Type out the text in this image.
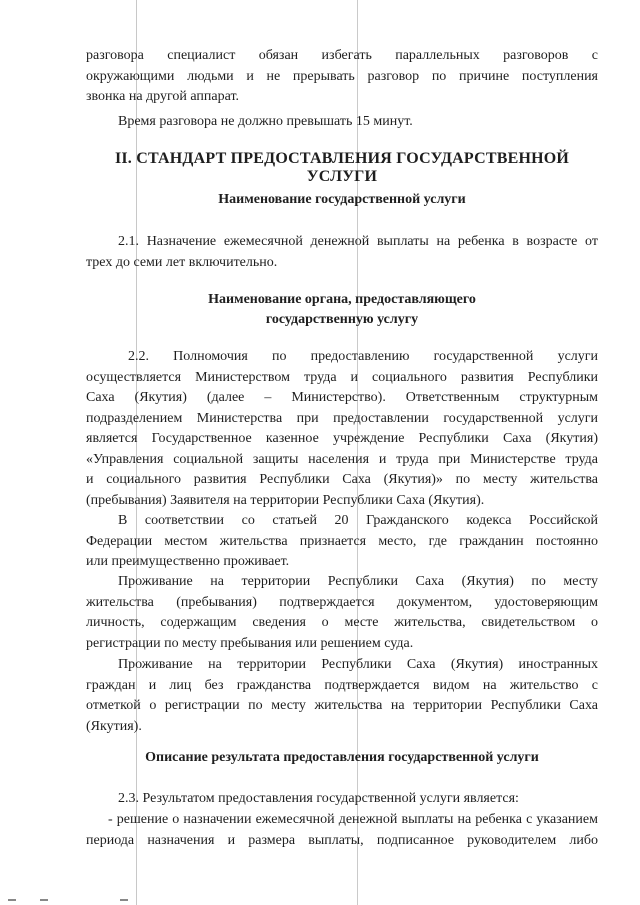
разговора специалист обязан избегать параллельных разговоров с
окружающими людьми и не прерывать разговор по причине поступления
звонка на другой аппарат.
Время разговора не должно превышать 15 минут.
II. СТАНДАРТ ПРЕДОСТАВЛЕНИЯ ГОСУДАРСТВЕННОЙ УСЛУГИ
Наименование государственной услуги
2.1. Назначение ежемесячной денежной выплаты на ребенка в возрасте от
трех до семи лет включительно.
Наименование органа, предоставляющего
государственную услугу
2.2. Полномочия по предоставлению государственной услуги
осуществляется Министерством труда и социального развития Республики
Саха (Якутия) (далее – Министерство). Ответственным структурным
подразделением Министерства при предоставлении государственной услуги
является Государственное казенное учреждение Республики Саха (Якутия)
«Управления социальной защиты населения и труда при Министерстве труда
и социального развития Республики Саха (Якутия)» по месту жительства
(пребывания) Заявителя на территории Республики Саха (Якутия).
В соответствии со статьей 20 Гражданского кодекса Российской
Федерации местом жительства признается место, где гражданин постоянно
или преимущественно проживает.
Проживание на территории Республики Саха (Якутия) по месту
жительства (пребывания) подтверждается документом, удостоверяющим
личность, содержащим сведения о месте жительства, свидетельством о
регистрации по месту пребывания или решением суда.
Проживание на территории Республики Саха (Якутия) иностранных
граждан и лиц без гражданства подтверждается видом на жительство с
отметкой о регистрации по месту жительства на территории Республики Саха
(Якутия).
Описание результата предоставления государственной услуги
2.3. Результатом предоставления государственной услуги является:
- решение о назначении ежемесячной денежной выплаты на ребенка с указанием
периода назначения и размера выплаты, подписанное руководителем либо
